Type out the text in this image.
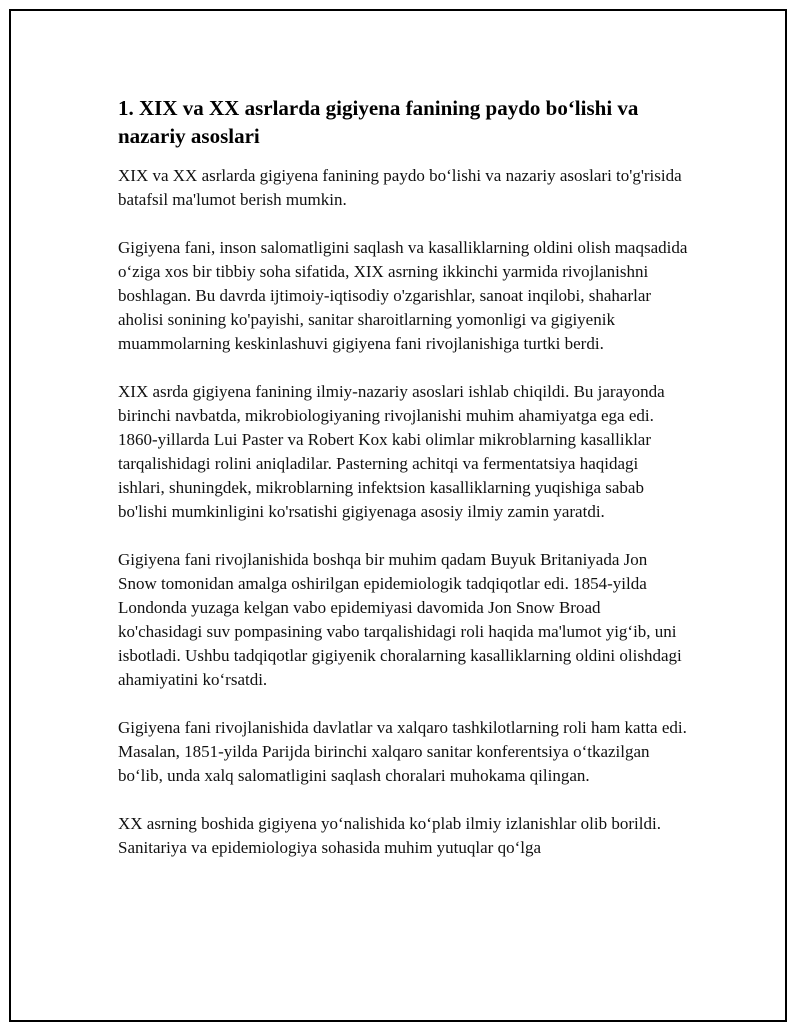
1. XIX va XX asrlarda gigiyena fanining paydo bo‘lishi va nazariy asoslari

XIX va XX asrlarda gigiyena fanining paydo bo‘lishi va nazariy asoslari to'g'risida batafsil ma'lumot berish mumkin.

Gigiyena fani, inson salomatligini saqlash va kasalliklarning oldini olish maqsadida o‘ziga xos bir tibbiy soha sifatida, XIX asrning ikkinchi yarmida rivojlanishni boshlagan. Bu davrda ijtimoiy-iqtisodiy o'zgarishlar, sanoat inqilobi, shaharlar aholisi sonining ko'payishi, sanitar sharoitlarning yomonligi va gigiyenik muammolarning keskinlashuvi gigiyena fani rivojlanishiga turtki berdi.

XIX asrda gigiyena fanining ilmiy-nazariy asoslari ishlab chiqildi. Bu jarayonda birinchi navbatda, mikrobiologiyaning rivojlanishi muhim ahamiyatga ega edi. 1860-yillarda Lui Paster va Robert Kox kabi olimlar mikroblarning kasalliklar tarqalishidagi rolini aniqladilar. Pasterning achitqi va fermentatsiya haqidagi ishlari, shuningdek, mikroblarning infektsion kasalliklarning yuqishiga sabab bo'lishi mumkinligini ko'rsatishi gigiyenaga asosiy ilmiy zamin yaratdi.

Gigiyena fani rivojlanishida boshqa bir muhim qadam Buyuk Britaniyada Jon Snow tomonidan amalga oshirilgan epidemiologik tadqiqotlar edi. 1854-yilda Londonda yuzaga kelgan vabo epidemiyasi davomida Jon Snow Broad ko'chasidagi suv pompasining vabo tarqalishidagi roli haqida ma'lumot yig‘ib, uni isbotladi. Ushbu tadqiqotlar gigiyenik choralarning kasalliklarning oldini olishdagi ahamiyatini ko‘rsatdi.

Gigiyena fani rivojlanishida davlatlar va xalqaro tashkilotlarning roli ham katta edi. Masalan, 1851-yilda Parijda birinchi xalqaro sanitar konferentsiya o‘tkazilgan bo‘lib, unda xalq salomatligini saqlash choralari muhokama qilingan.

XX asrning boshida gigiyena yo‘nalishida ko‘plab ilmiy izlanishlar olib borildi. Sanitariya va epidemiologiya sohasida muhim yutuqlar qo‘lga
